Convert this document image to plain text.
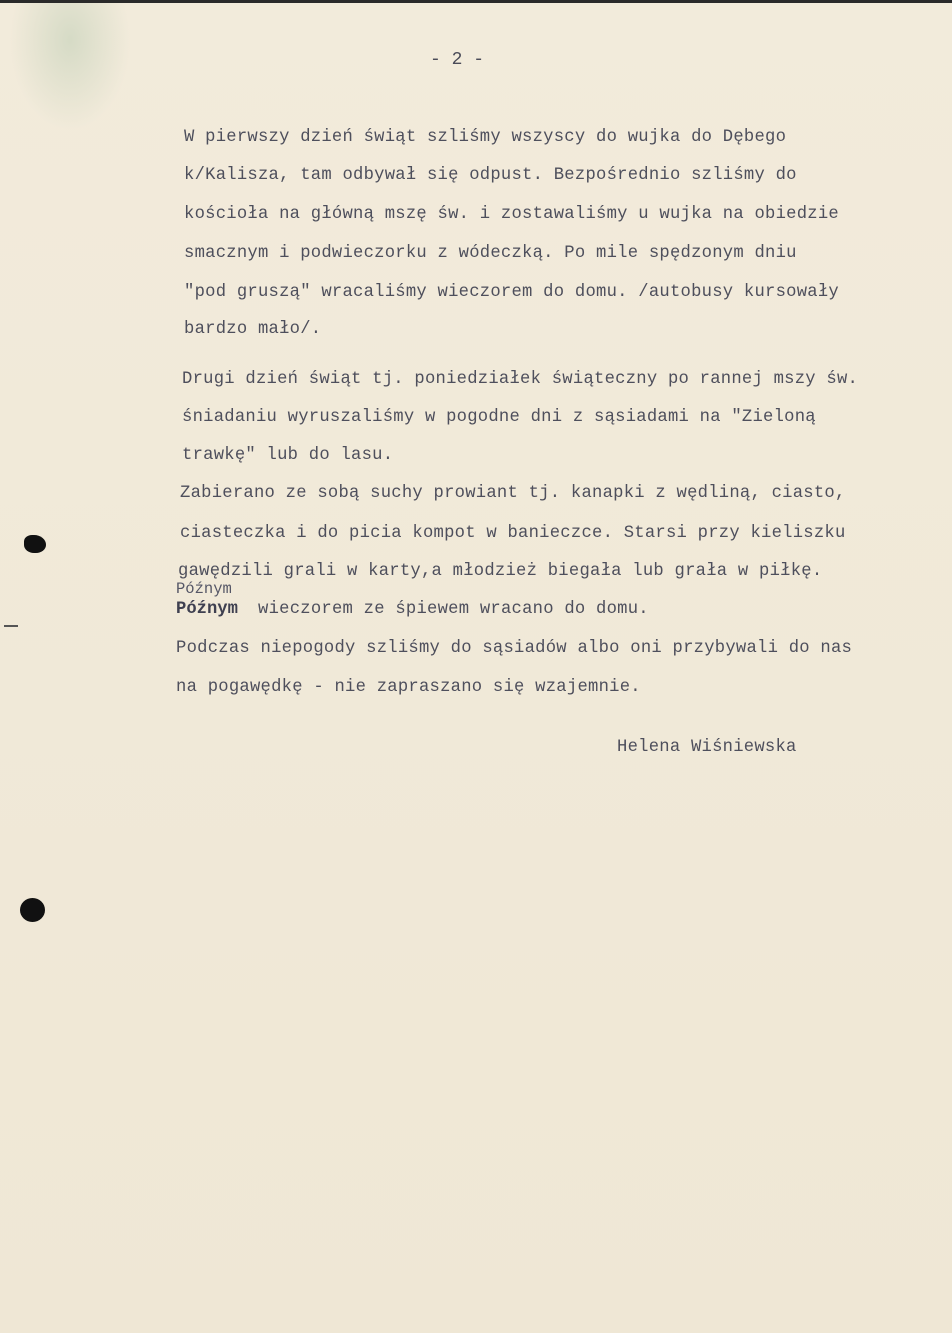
- 2 -
W pierwszy dzień świąt szliśmy wszyscy do wujka do Dębego
k/Kalisza, tam odbywał się odpust. Bezpośrednio szliśmy do
kościoła na główną mszę św. i zostawaliśmy u wujka na obiedzie
smacznym i podwieczorku z wódeczką. Po mile spędzonym dniu
"pod gruszą" wracaliśmy wieczorem do domu. /autobusy kursowały
bardzo mało/.
Drugi dzień świąt tj. poniedziałek świąteczny po rannej mszy św.
śniadaniu wyruszaliśmy w pogodne dni z sąsiadami na "Zieloną
trawkę" lub do lasu.
Zabierano ze sobą suchy prowiant tj. kanapki z wędliną, ciasto,
ciasteczka i do picia kompot w banieczce. Starsi przy kieliszku
gawędzili grali w karty,a młodzież biegała lub grała w piłkę.
Późnym
Późnym wieczorem ze śpiewem wracano do domu.
Podczas niepogody szliśmy do sąsiadów albo oni przybywali do nas
na pogawędkę - nie zapraszano się wzajemnie.
Helena Wiśniewska
